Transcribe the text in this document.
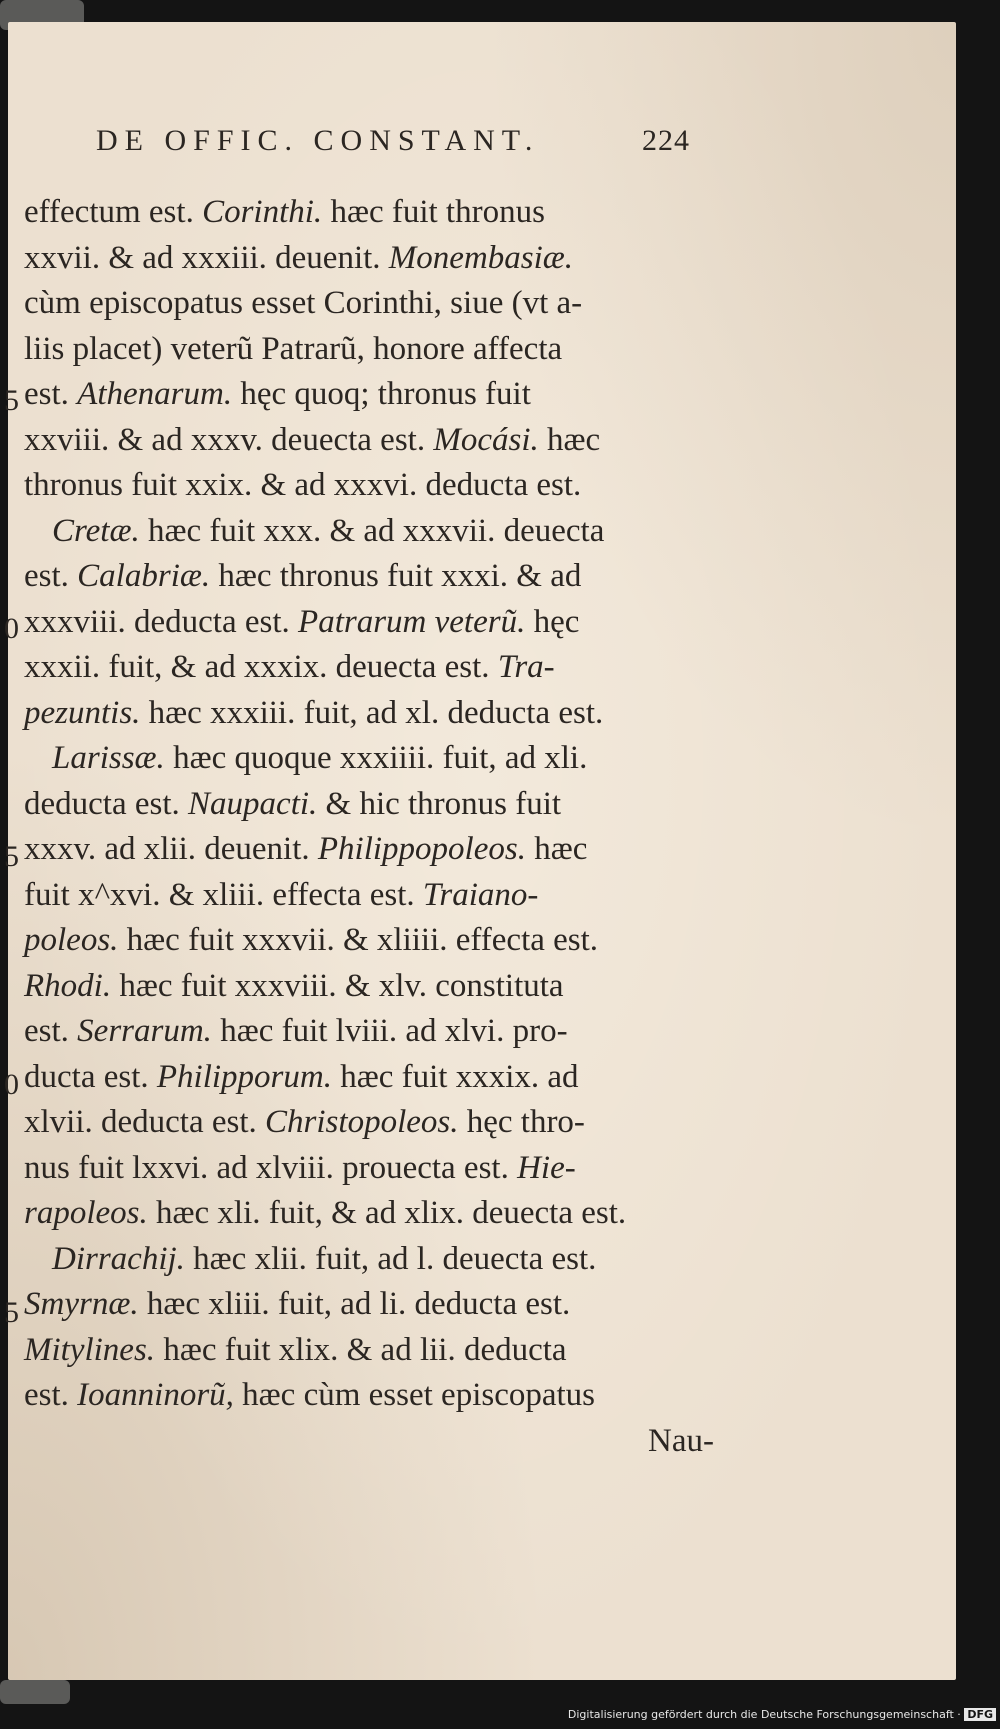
DE OFFIC. CONSTANT.	224
effectum est. Corinthi. hæc fuit thronus
xxvii. & ad xxxiii. deuenit. Monembasiæ.
cùm episcopatus esset Corinthi, siue (vt a-
liis placet) veterũ Patrarũ, honore affecta
est. Athenarum. hęc quoq; thronus fuit
xxviii. & ad xxxv. deuecta est. Mocási. hæc
thronus fuit xxix. & ad xxxvi. deducta est.
Cretæ. hæc fuit xxx. & ad xxxvii. deuecta
est. Calabriæ. hæc thronus fuit xxxi. & ad
xxxviii. deducta est. Patrarum veterũ. hęc
xxxii. fuit, & ad xxxix. deuecta est. Tra-
pezuntis. hæc xxxiii. fuit, ad xl. deducta est.
Larissæ. hæc quoque xxxiiii. fuit, ad xli.
deducta est. Naupacti. & hic thronus fuit
xxxv. ad xlii. deuenit. Philippopoleos. hæc
fuit x^xvi. & xliii. effecta est. Traiano-
poleos. hæc fuit xxxvii. & xliiii. effecta est.
Rhodi. hæc fuit xxxviii. & xlv. constituta
est. Serrarum. hæc fuit lviii. ad xlvi. pro-
ducta est. Philipporum. hæc fuit xxxix. ad
xlvii. deducta est. Christopoleos. hęc thro-
nus fuit lxxvi. ad xlviii. prouecta est. Hie-
rapoleos. hæc xli. fuit, & ad xlix. deuecta est.
Dirrachij. hæc xlii. fuit, ad l. deuecta est.
Smyrnæ. hæc xliii. fuit, ad li. deducta est.
Mitylines. hæc fuit xlix. & ad lii. deducta
est. Ioanninorũ, hæc cùm esset episcopatus
Nau-
5
0
5
0
5
Digitalisierung gefördert durch die Deutsche Forschungsgemeinschaft · DFG
